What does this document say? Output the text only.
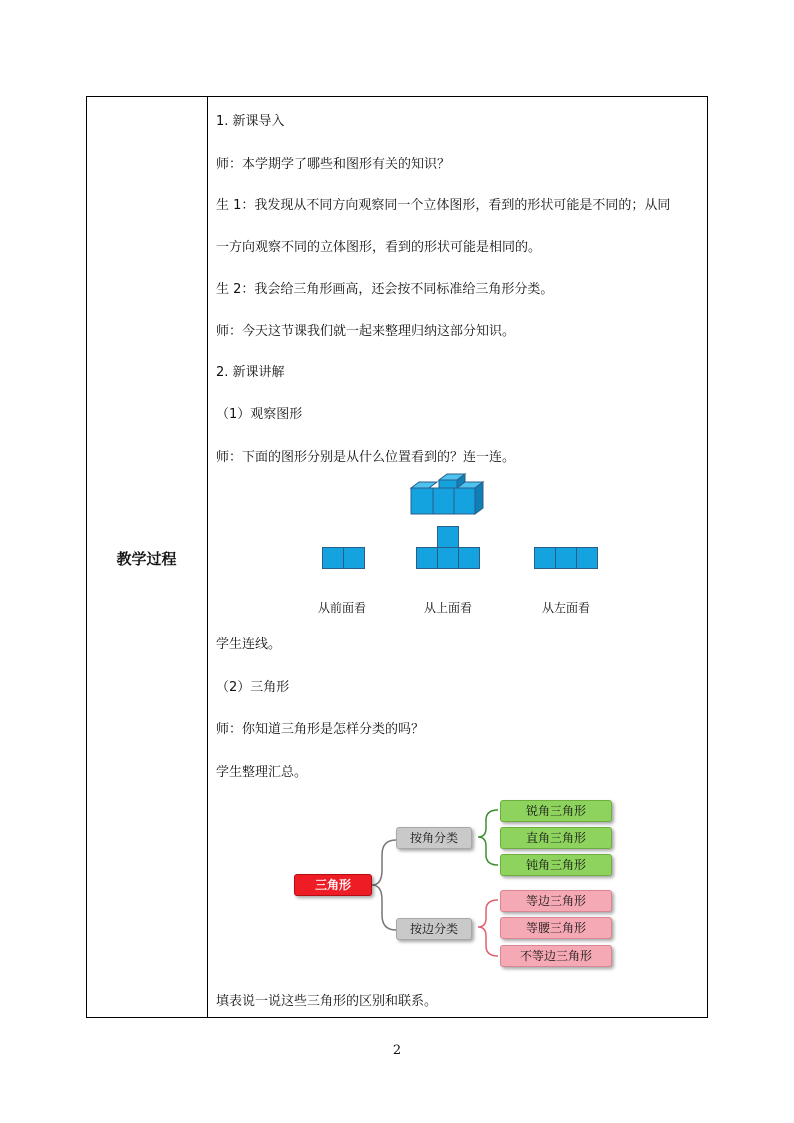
教学过程
1. 新课导入
师：本学期学了哪些和图形有关的知识？
生 1：我发现从不同方向观察同一个立体图形，看到的形状可能是不同的；从同
一方向观察不同的立体图形，看到的形状可能是相同的。
生 2：我会给三角形画高，还会按不同标准给三角形分类。
师：今天这节课我们就一起来整理归纳这部分知识。
2. 新课讲解
（1）观察图形
师：下面的图形分别是从什么位置看到的？连一连。
学生连线。
（2）三角形
师：你知道三角形是怎样分类的吗？
学生整理汇总。
填表说一说这些三角形的区别和联系。
从前面看	从上面看	从左面看
三角形
按角分类
按边分类
锐角三角形
直角三角形
钝角三角形
等边三角形
等腰三角形
不等边三角形
2
